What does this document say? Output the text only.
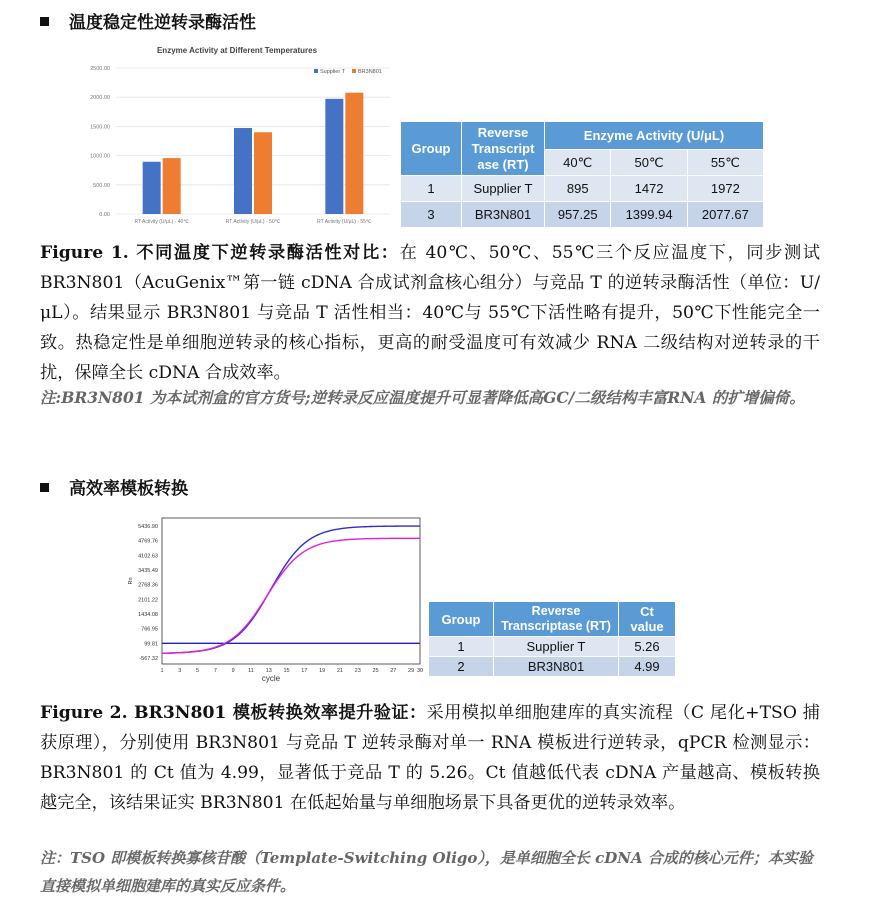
温度稳定性逆转录酶活性
Enzyme Activity at Different Temperatures
0.00
500.00
1000.00
1500.00
2000.00
2500.00
RT Activity (U/μL) - 40℃	RT Activity (U/μL) - 50℃	RT Activity (U/μL) - 55℃
Supplier T BR3N801
Group	Reverse Transcript ase (RT)	Enzyme Activity (U/μL)		
		40℃	50℃	55℃
1	Supplier T	895	1472	1972
3	BR3N801	957.25	1399.94	2077.67
Figure 1. 不同温度下逆转录酶活性对比：在 40℃、50℃、55℃三个反应温度下，同步测试 BR3N801（AcuGenix™第一链 cDNA 合成试剂盒核心组分）与竞品 T 的逆转录酶活性（单位：U/μL）。结果显示 BR3N801 与竞品 T 活性相当：40℃与 55℃下活性略有提升，50℃下性能完全一致。热稳定性是单细胞逆转录的核心指标，更高的耐受温度可有效减少 RNA 二级结构对逆转录的干扰，保障全长 cDNA 合成效率。
注:BR3N801 为本试剂盒的官方货号;逆转录反应温度提升可显著降低高GC/二级结构丰富RNA 的扩增偏倚。
高效率模板转换
-567.32
99.81
766.95
1434.08
2101.22
2768.36
3435.49
4102.63
4769.76
5436.90
1	3	5	7	9 11 13 15 17 19 21 23 25 27 29 30
cycle
Rn
Group	Reverse Transcriptase (RT)	Ct value
1	Supplier T	5.26
2	BR3N801	4.99
Figure 2. BR3N801 模板转换效率提升验证：采用模拟单细胞建库的真实流程（C 尾化+TSO 捕获原理），分别使用 BR3N801 与竞品 T 逆转录酶对单一 RNA 模板进行逆转录，qPCR 检测显示：BR3N801 的 Ct 值为 4.99，显著低于竞品 T 的 5.26。Ct 值越低代表 cDNA 产量越高、模板转换越完全，该结果证实 BR3N801 在低起始量与单细胞场景下具备更优的逆转录效率。
注：TSO 即模板转换寡核苷酸（Template-Switching Oligo），是单细胞全长 cDNA 合成的核心元件；本实验直接模拟单细胞建库的真实反应条件。
